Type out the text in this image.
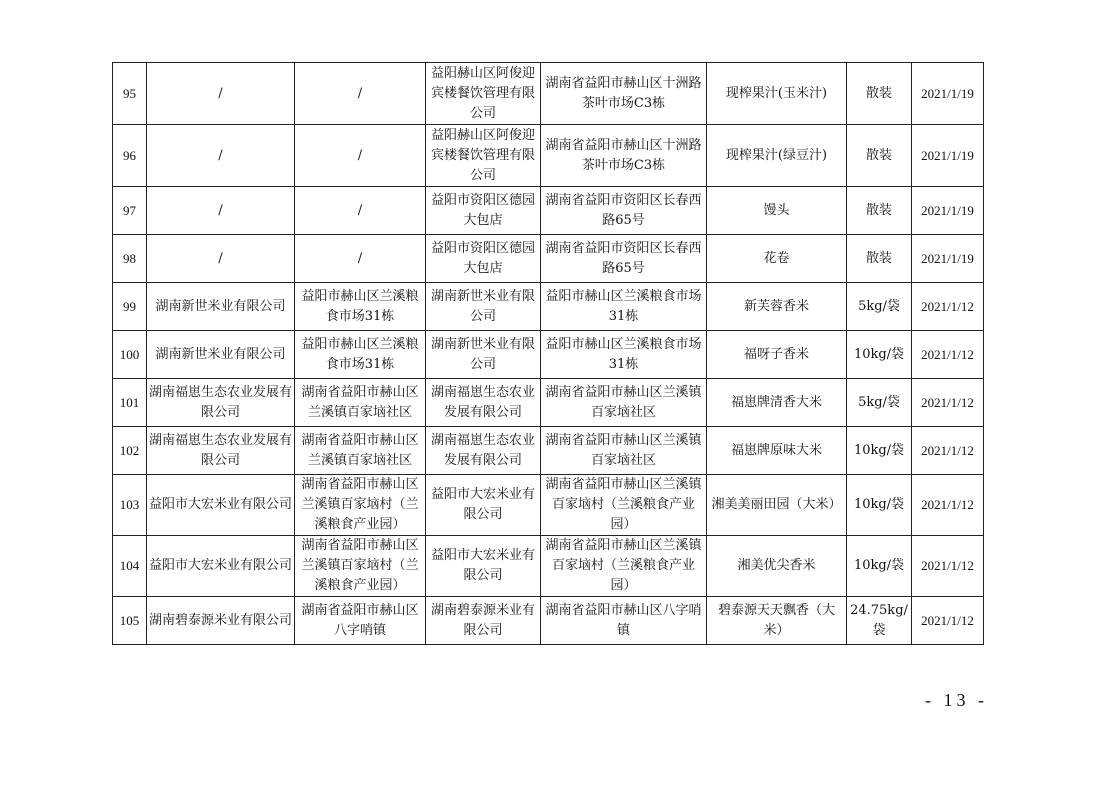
95	/	/	益阳赫山区阿俊迎宾楼餐饮管理有限公司	湖南省益阳市赫山区十洲路茶叶市场C3栋	现榨果汁(玉米汁)	散装	2021/1/19
96	/	/	益阳赫山区阿俊迎宾楼餐饮管理有限公司	湖南省益阳市赫山区十洲路茶叶市场C3栋	现榨果汁(绿豆汁)	散装	2021/1/19
97	/	/	益阳市资阳区德园大包店	湖南省益阳市资阳区长春西路65号	馒头	散装	2021/1/19
98	/	/	益阳市资阳区德园大包店	湖南省益阳市资阳区长春西路65号	花卷	散装	2021/1/19
99	湖南新世米业有限公司	益阳市赫山区兰溪粮食市场31栋	湖南新世米业有限公司	益阳市赫山区兰溪粮食市场31栋	新芙蓉香米	5kg/袋	2021/1/12
100	湖南新世米业有限公司	益阳市赫山区兰溪粮食市场31栋	湖南新世米业有限公司	益阳市赫山区兰溪粮食市场31栋	福呀子香米	10kg/袋	2021/1/12
101	湖南福崽生态农业发展有限公司	湖南省益阳市赫山区兰溪镇百家垴社区	湖南福崽生态农业发展有限公司	湖南省益阳市赫山区兰溪镇百家垴社区	福崽牌清香大米	5kg/袋	2021/1/12
102	湖南福崽生态农业发展有限公司	湖南省益阳市赫山区兰溪镇百家垴社区	湖南福崽生态农业发展有限公司	湖南省益阳市赫山区兰溪镇百家垴社区	福崽牌原味大米	10kg/袋	2021/1/12
103	益阳市大宏米业有限公司	湖南省益阳市赫山区兰溪镇百家垴村（兰溪粮食产业园）	益阳市大宏米业有限公司	湖南省益阳市赫山区兰溪镇百家垴村（兰溪粮食产业园）	湘美美丽田园（大米）	10kg/袋	2021/1/12
104	益阳市大宏米业有限公司	湖南省益阳市赫山区兰溪镇百家垴村（兰溪粮食产业园）	益阳市大宏米业有限公司	湖南省益阳市赫山区兰溪镇百家垴村（兰溪粮食产业园）	湘美优尖香米	10kg/袋	2021/1/12
105	湖南碧泰源米业有限公司	湖南省益阳市赫山区八字哨镇	湖南碧泰源米业有限公司	湖南省益阳市赫山区八字哨镇	碧泰源天天飘香（大米）	24.75kg/袋	2021/1/12
- 13 -
